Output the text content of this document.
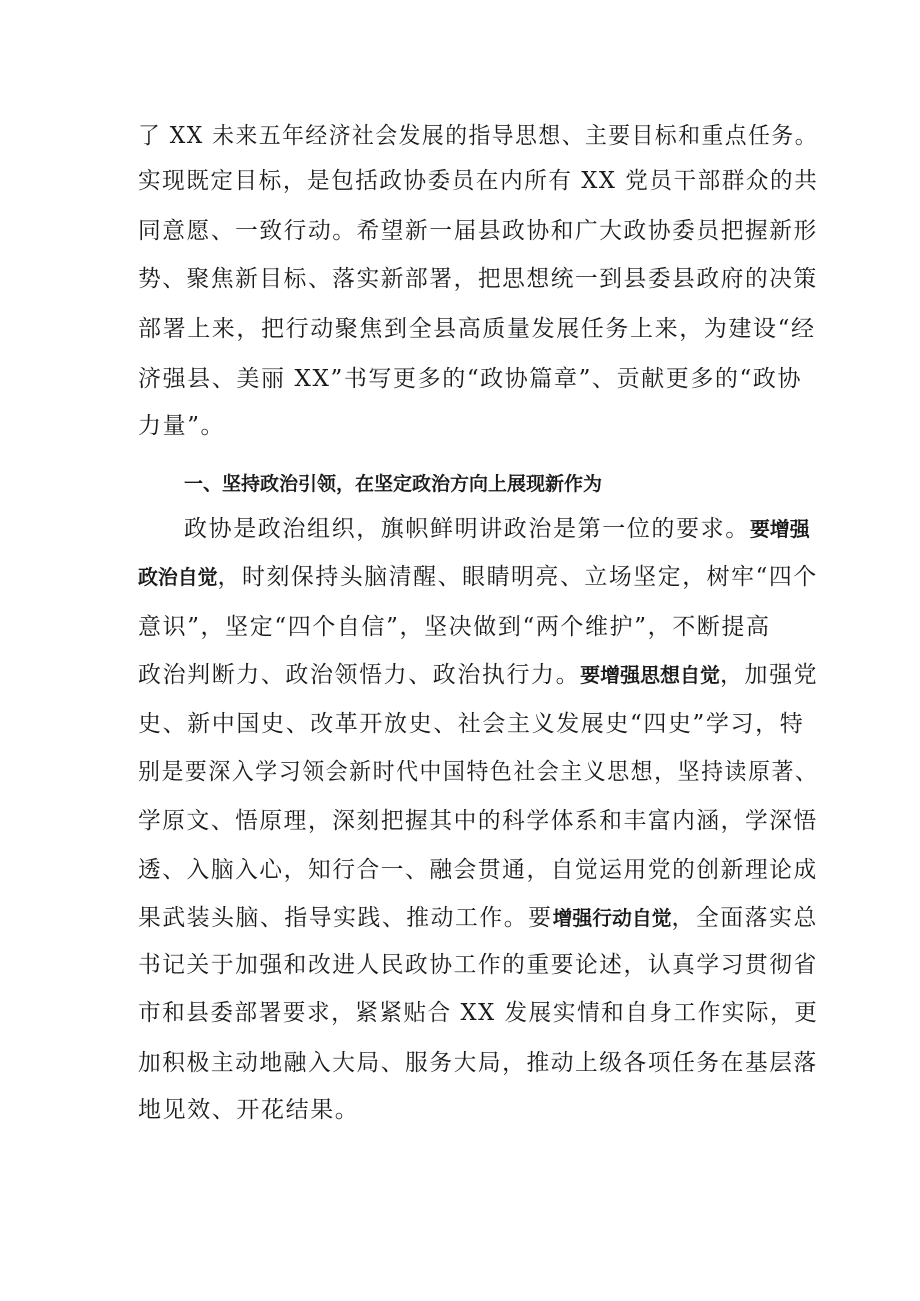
了 XX 未来五年经济社会发展的指导思想、主要目标和重点任务。
实现既定目标，是包括政协委员在内所有 XX 党员干部群众的共
同意愿、一致行动。希望新一届县政协和广大政协委员把握新形
势、聚焦新目标、落实新部署，把思想统一到县委县政府的决策
部署上来，把行动聚焦到全县高质量发展任务上来，为建设“经
济强县、美丽 XX”书写更多的“政协篇章”、贡献更多的“政协
力量”。
一、坚持政治引领，在坚定政治方向上展现新作为
政协是政治组织，旗帜鲜明讲政治是第一位的要求。要增强
政治自觉，时刻保持头脑清醒、眼睛明亮、立场坚定，树牢“四个
意识”，坚定“四个自信”，坚决做到“两个维护”，不断提高
政治判断力、政治领悟力、政治执行力。要增强思想自觉，加强党
史、新中国史、改革开放史、社会主义发展史“四史”学习，特
别是要深入学习领会新时代中国特色社会主义思想，坚持读原著、
学原文、悟原理，深刻把握其中的科学体系和丰富内涵，学深悟
透、入脑入心，知行合一、融会贯通，自觉运用党的创新理论成
果武装头脑、指导实践、推动工作。要增强行动自觉，全面落实总
书记关于加强和改进人民政协工作的重要论述，认真学习贯彻省
市和县委部署要求，紧紧贴合 XX 发展实情和自身工作实际，更
加积极主动地融入大局、服务大局，推动上级各项任务在基层落
地见效、开花结果。
